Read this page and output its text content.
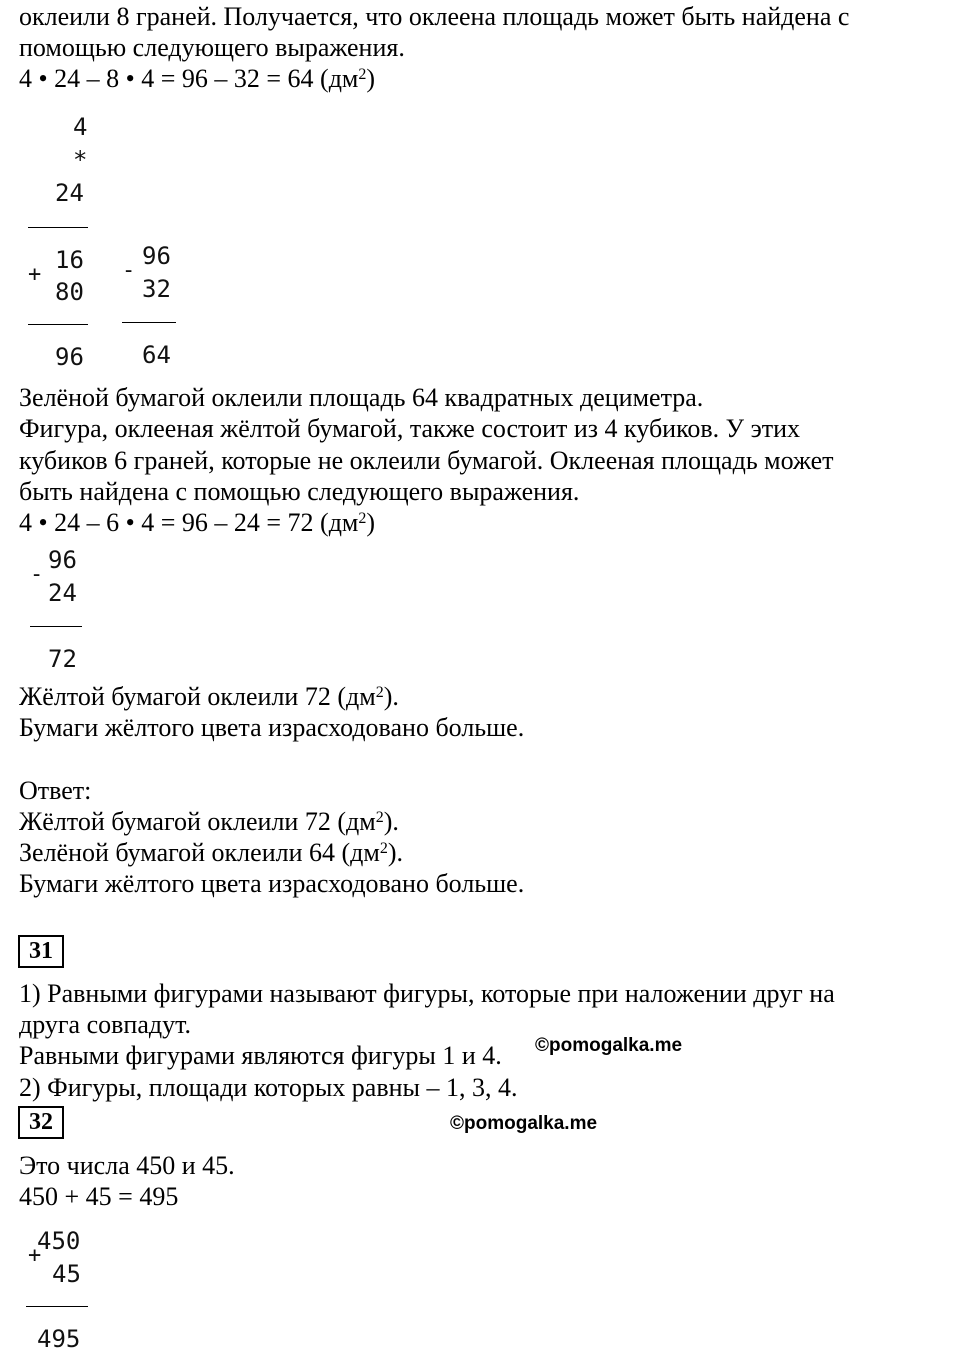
оклеили 8 граней. Получается, что оклеена площадь может быть найдена с
помощью следующего выражения.
4 • 24 – 8 • 4 = 96 – 32 = 64 $(дм^2)$
4
*
24
+
16
80
96
-
96
32
64
Зелёной бумагой оклеили площадь 64 квадратных дециметра.
Фигура, оклееная жёлтой бумагой, также состоит из 4 кубиков. У этих
кубиков 6 граней, которые не оклеили бумагой. Оклееная площадь может
быть найдена с помощью следующего выражения.
4 • 24 – 6 • 4 = 96 – 24 = 72 $(дм^2)$
-
96
24
72
Жёлтой бумагой оклеили 72 $(дм^2)$.
Бумаги жёлтого цвета израсходовано больше.
Ответ:
Жёлтой бумагой оклеили 72 $(дм^2)$.
Зелёной бумагой оклеили 64 $(дм^2)$.
Бумаги жёлтого цвета израсходовано больше.
31
1) Равными фигурами называют фигуры, которые при наложении друг на
друга совпадут.
Равными фигурами являются фигуры 1 и 4. ©pomogalka.me
2) Фигуры, площади которых равны – 1, 3, 4.
32	©pomogalka.me
Это числа 450 и 45.
450 + 45 = 495
+
450
45
495
